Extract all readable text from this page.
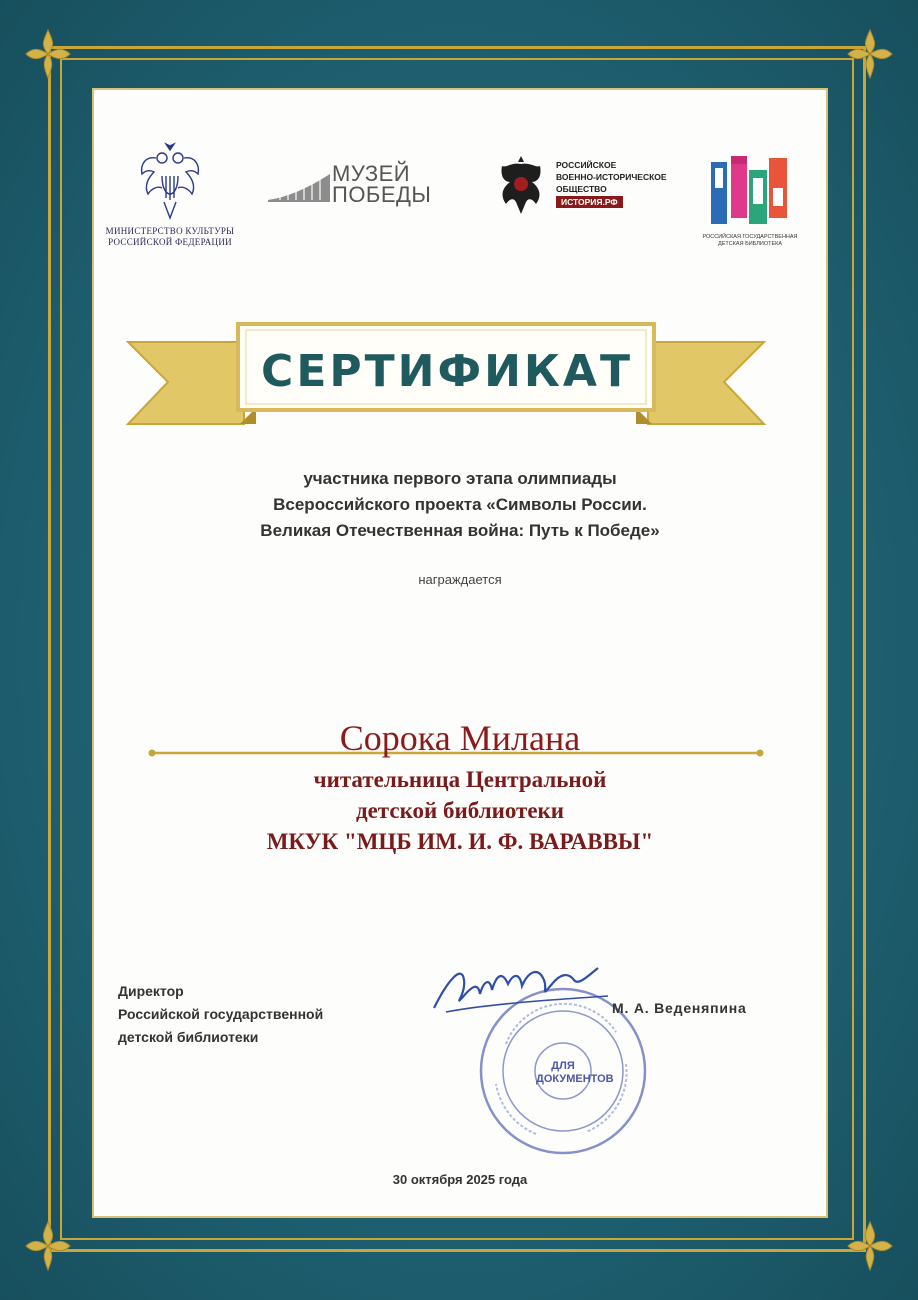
МИНИСТЕРСТВО КУЛЬТУРЫ
РОССИЙСКОЙ ФЕДЕРАЦИИ
МУЗЕЙ
ПОБЕДЫ
РОССИЙСКОЕ
ВОЕННО-ИСТОРИЧЕСКОЕ
ОБЩЕСТВО
ИСТОРИЯ.РФ
РОССИЙСКАЯ ГОСУДАРСТВЕННАЯ
ДЕТСКАЯ БИБЛИОТЕКА
СЕРТИФИКАТ
участника первого этапа олимпиады
Всероссийского проекта «Символы России.
Великая Отечественная война: Путь к Победе»
награждается
Сорока Милана
читательница Центральной
детской библиотеки
МКУК "МЦБ ИМ. И. Ф. ВАРАВВЫ"
Директор
Российской государственной
детской библиотеки
ДЛЯ ДОКУМЕНТОВ
М. А. Веденяпина
30 октября 2025 года
